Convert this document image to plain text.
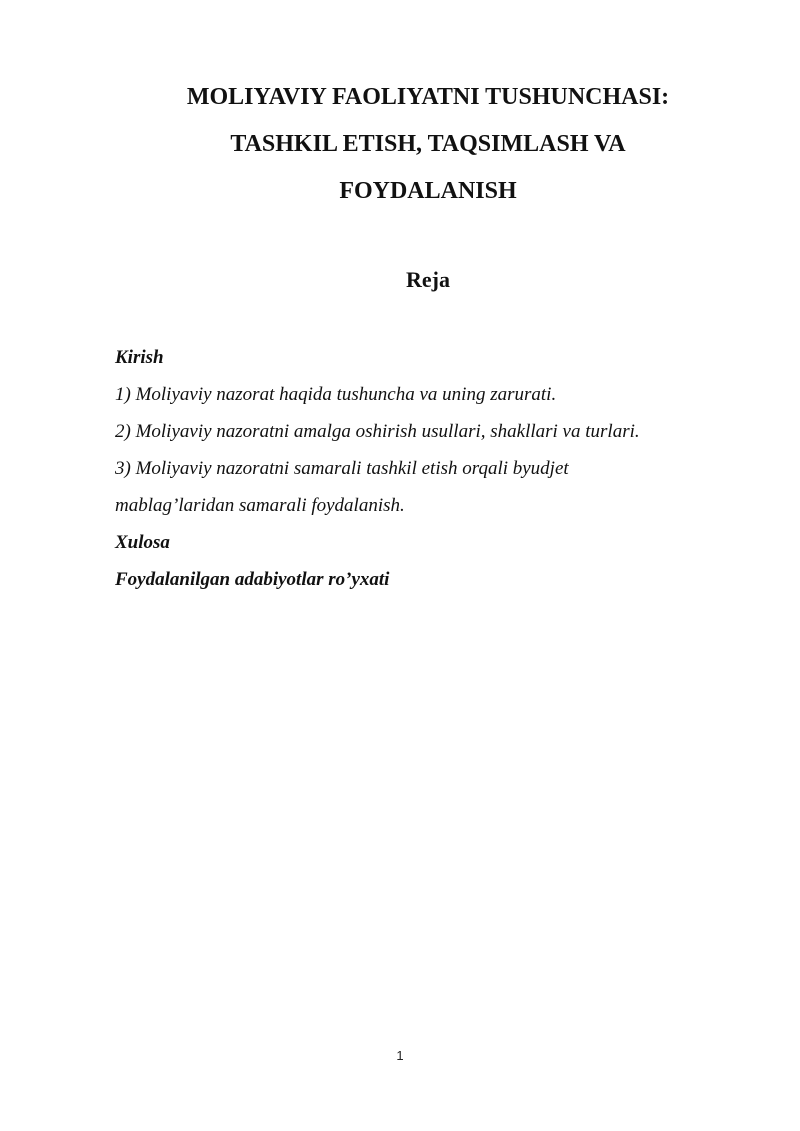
MOLIYAVIY FAOLIYATNI TUSHUNCHASI:
TASHKIL ETISH, TAQSIMLASH VA
FOYDALANISH
Reja
Kirish
1) Moliyaviy nazorat haqida tushuncha va uning zarurati.
2) Moliyaviy nazoratni amalga oshirish usullari, shakllari va turlari.
3) Moliyaviy nazoratni samarali tashkil etish orqali byudjet
mablag’laridan samarali foydalanish.
Xulosa
Foydalanilgan adabiyotlar ro’yxati
1
